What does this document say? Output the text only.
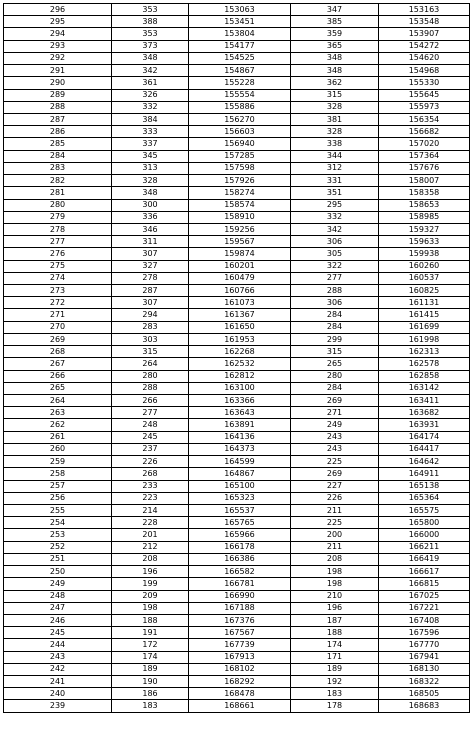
296	353	153063	347	153163
295	388	153451	385	153548
294	353	153804	359	153907
293	373	154177	365	154272
292	348	154525	348	154620
291	342	154867	348	154968
290	361	155228	362	155330
289	326	155554	315	155645
288	332	155886	328	155973
287	384	156270	381	156354
286	333	156603	328	156682
285	337	156940	338	157020
284	345	157285	344	157364
283	313	157598	312	157676
282	328	157926	331	158007
281	348	158274	351	158358
280	300	158574	295	158653
279	336	158910	332	158985
278	346	159256	342	159327
277	311	159567	306	159633
276	307	159874	305	159938
275	327	160201	322	160260
274	278	160479	277	160537
273	287	160766	288	160825
272	307	161073	306	161131
271	294	161367	284	161415
270	283	161650	284	161699
269	303	161953	299	161998
268	315	162268	315	162313
267	264	162532	265	162578
266	280	162812	280	162858
265	288	163100	284	163142
264	266	163366	269	163411
263	277	163643	271	163682
262	248	163891	249	163931
261	245	164136	243	164174
260	237	164373	243	164417
259	226	164599	225	164642
258	268	164867	269	164911
257	233	165100	227	165138
256	223	165323	226	165364
255	214	165537	211	165575
254	228	165765	225	165800
253	201	165966	200	166000
252	212	166178	211	166211
251	208	166386	208	166419
250	196	166582	198	166617
249	199	166781	198	166815
248	209	166990	210	167025
247	198	167188	196	167221
246	188	167376	187	167408
245	191	167567	188	167596
244	172	167739	174	167770
243	174	167913	171	167941
242	189	168102	189	168130
241	190	168292	192	168322
240	186	168478	183	168505
239	183	168661	178	168683
